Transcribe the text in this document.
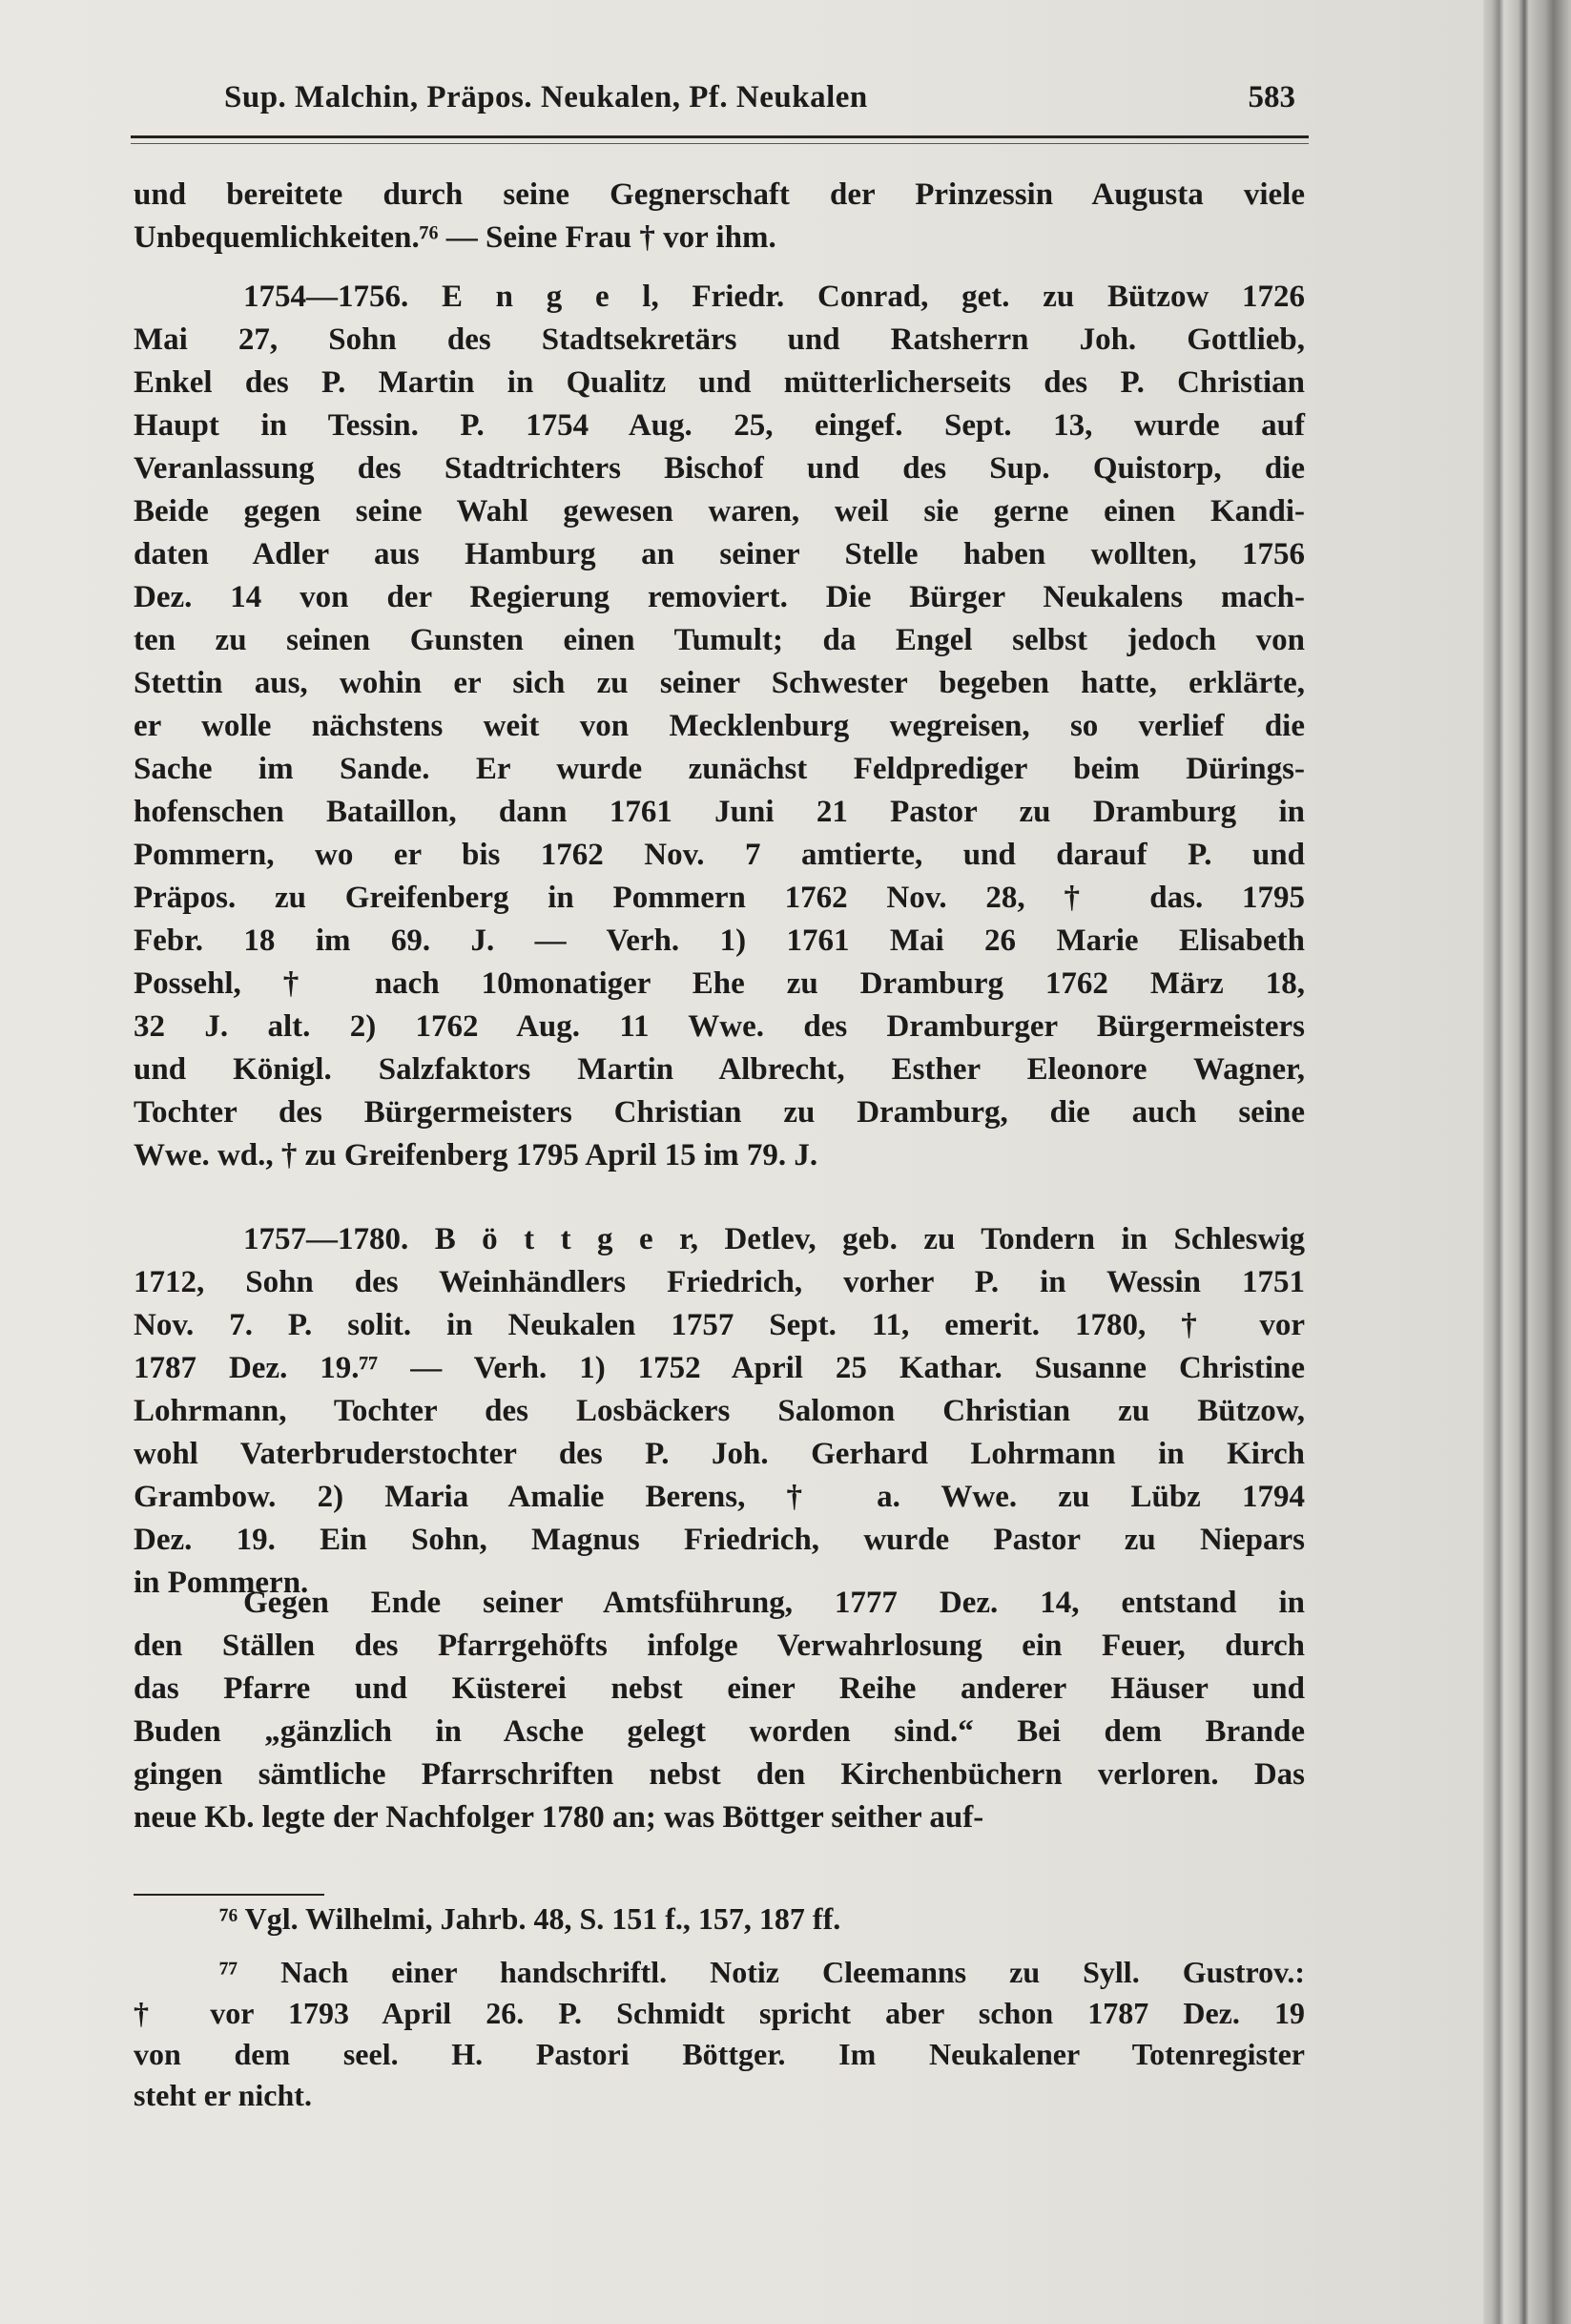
Sup. Malchin, Präpos. Neukalen, Pf. Neukalen	583
und bereitete durch seine Gegnerschaft der Prinzessin Augusta viele
Unbequemlichkeiten.⁷⁶ — Seine Frau † vor ihm.
1754—1756. E n g e l, Friedr. Conrad, get. zu Bützow 1726
Mai 27, Sohn des Stadtsekretärs und Ratsherrn Joh. Gottlieb,
Enkel des P. Martin in Qualitz und mütterlicherseits des P. Christian
Haupt in Tessin. P. 1754 Aug. 25, eingef. Sept. 13, wurde auf
Veranlassung des Stadtrichters Bischof und des Sup. Quistorp, die
Beide gegen seine Wahl gewesen waren, weil sie gerne einen Kandi-
daten Adler aus Hamburg an seiner Stelle haben wollten, 1756
Dez. 14 von der Regierung removiert. Die Bürger Neukalens mach-
ten zu seinen Gunsten einen Tumult; da Engel selbst jedoch von
Stettin aus, wohin er sich zu seiner Schwester begeben hatte, erklärte,
er wolle nächstens weit von Mecklenburg wegreisen, so verlief die
Sache im Sande. Er wurde zunächst Feldprediger beim Dürings-
hofenschen Bataillon, dann 1761 Juni 21 Pastor zu Dramburg in
Pommern, wo er bis 1762 Nov. 7 amtierte, und darauf P. und
Präpos. zu Greifenberg in Pommern 1762 Nov. 28, † das. 1795
Febr. 18 im 69. J. — Verh. 1) 1761 Mai 26 Marie Elisabeth
Possehl, † nach 10monatiger Ehe zu Dramburg 1762 März 18,
32 J. alt. 2) 1762 Aug. 11 Wwe. des Dramburger Bürgermeisters
und Königl. Salzfaktors Martin Albrecht, Esther Eleonore Wagner,
Tochter des Bürgermeisters Christian zu Dramburg, die auch seine
Wwe. wd., † zu Greifenberg 1795 April 15 im 79. J.
1757—1780. B ö t t g e r, Detlev, geb. zu Tondern in Schleswig
1712, Sohn des Weinhändlers Friedrich, vorher P. in Wessin 1751
Nov. 7. P. solit. in Neukalen 1757 Sept. 11, emerit. 1780, † vor
1787 Dez. 19.⁷⁷ — Verh. 1) 1752 April 25 Kathar. Susanne Christine
Lohrmann, Tochter des Losbäckers Salomon Christian zu Bützow,
wohl Vaterbruderstochter des P. Joh. Gerhard Lohrmann in Kirch
Grambow. 2) Maria Amalie Berens, † a. Wwe. zu Lübz 1794
Dez. 19. Ein Sohn, Magnus Friedrich, wurde Pastor zu Niepars
in Pommern.
Gegen Ende seiner Amtsführung, 1777 Dez. 14, entstand in
den Ställen des Pfarrgehöfts infolge Verwahrlosung ein Feuer, durch
das Pfarre und Küsterei nebst einer Reihe anderer Häuser und
Buden „gänzlich in Asche gelegt worden sind.“ Bei dem Brande
gingen sämtliche Pfarrschriften nebst den Kirchenbüchern verloren. Das
neue Kb. legte der Nachfolger 1780 an; was Böttger seither auf-
⁷⁶ Vgl. Wilhelmi, Jahrb. 48, S. 151 f., 157, 187 ff.
⁷⁷ Nach einer handschriftl. Notiz Cleemanns zu Syll. Gustrov.:
† vor 1793 April 26. P. Schmidt spricht aber schon 1787 Dez. 19
von dem seel. H. Pastori Böttger. Im Neukalener Totenregister
steht er nicht.
